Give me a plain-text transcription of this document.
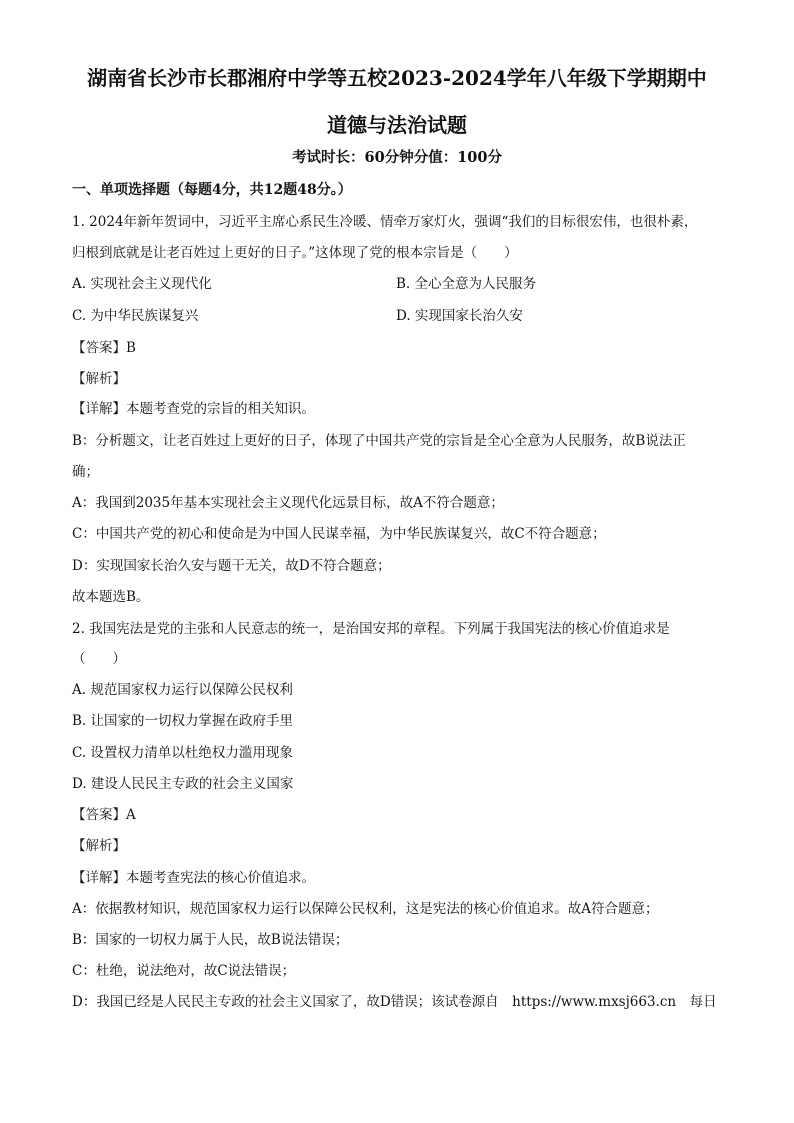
湖南省长沙市长郡湘府中学等五校2023-2024学年八年级下学期期中
道德与法治试题
考试时长：60分钟分值：100分
一、单项选择题（每题4分，共12题48分。）
1. 2024年新年贺词中，习近平主席心系民生冷暖、情牵万家灯火，强调“我们的目标很宏伟，也很朴素，
归根到底就是让老百姓过上更好的日子。”这体现了党的根本宗旨是（　　）
A. 实现社会主义现代化	B. 全心全意为人民服务
C. 为中华民族谋复兴	D. 实现国家长治久安
【答案】B
【解析】
【详解】本题考查党的宗旨的相关知识。
B：分析题文，让老百姓过上更好的日子，体现了中国共产党的宗旨是全心全意为人民服务，故B说法正
确；
A：我国到2035年基本实现社会主义现代化远景目标，故A不符合题意；
C：中国共产党的初心和使命是为中国人民谋幸福，为中华民族谋复兴，故C不符合题意；
D：实现国家长治久安与题干无关，故D不符合题意；
故本题选B。
2. 我国宪法是党的主张和人民意志的统一，是治国安邦的章程。下列属于我国宪法的核心价值追求是
（　　）
A. 规范国家权力运行以保障公民权利
B. 让国家的一切权力掌握在政府手里
C. 设置权力清单以杜绝权力滥用现象
D. 建设人民民主专政的社会主义国家
【答案】A
【解析】
【详解】本题考查宪法的核心价值追求。
A：依据教材知识，规范国家权力运行以保障公民权利，这是宪法的核心价值追求。故A符合题意；
B：国家的一切权力属于人民，故B说法错误；
C：杜绝，说法绝对，故C说法错误；
D：我国已经是人民民主专政的社会主义国家了，故D错误；该试卷源自　https://www.mxsj663.cn　每日
